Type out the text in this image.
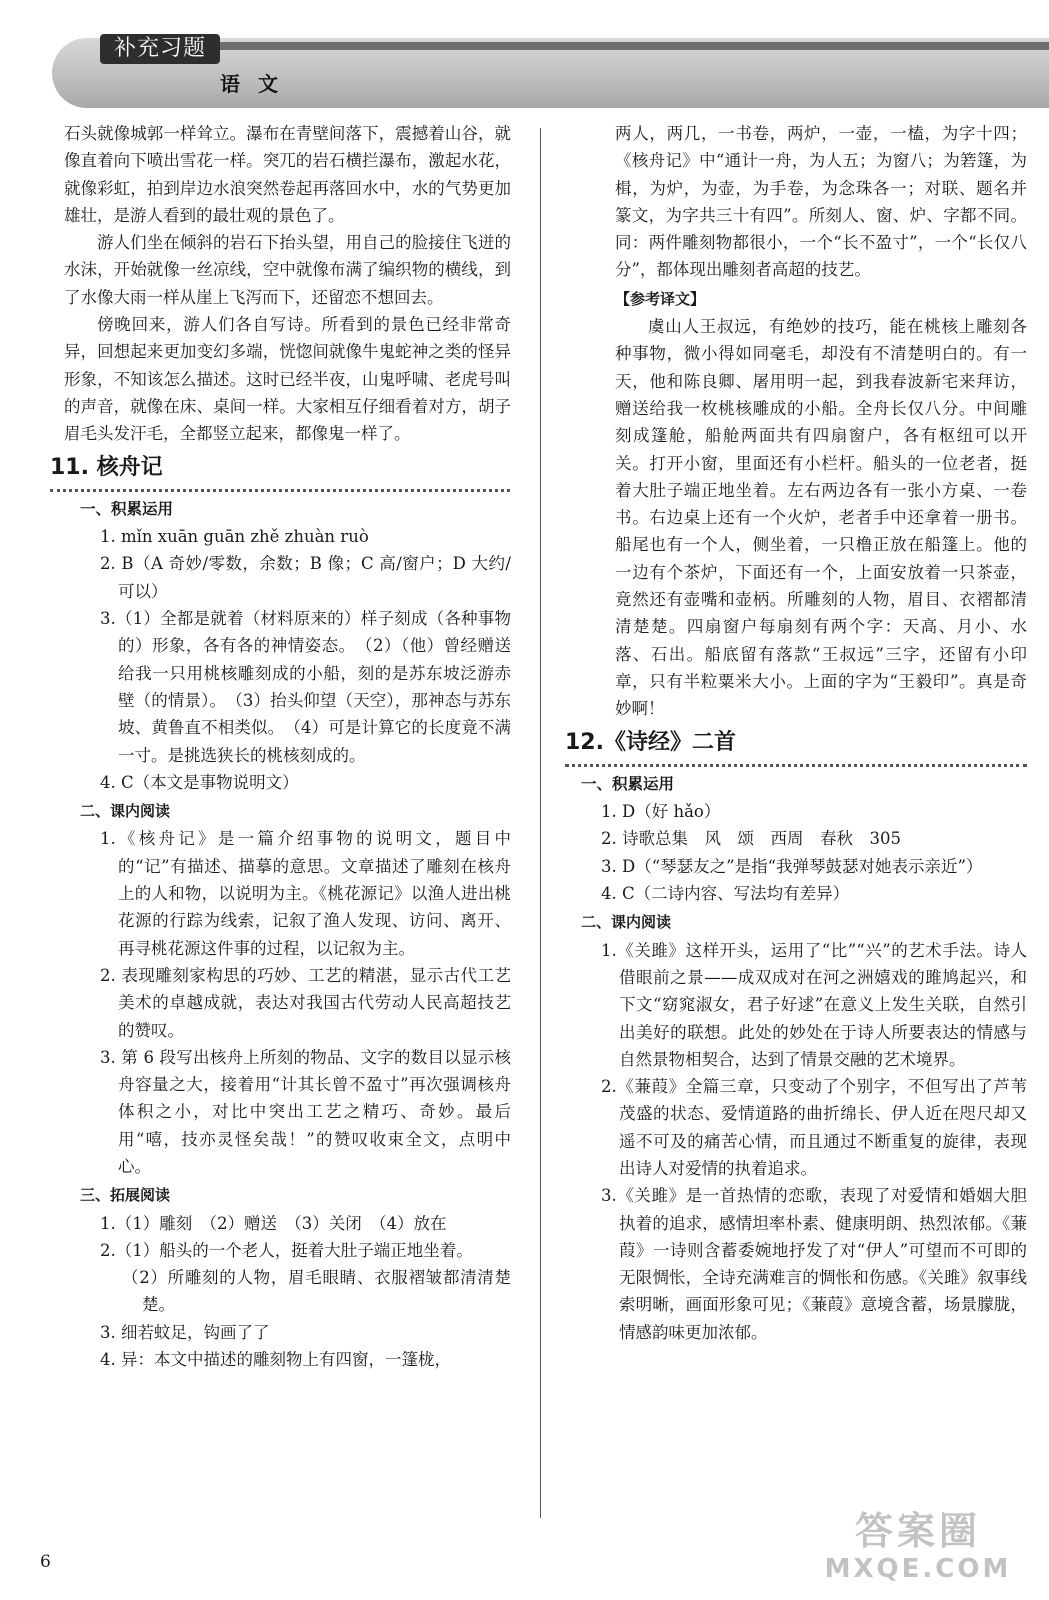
补充习题
语文

石头就像城郭一样耸立。瀑布在青壁间落下，震撼着山谷，就像直着向下喷出雪花一样。突兀的岩石横拦瀑布，激起水花，就像彩虹，拍到岸边水浪突然卷起再落回水中，水的气势更加雄壮，是游人看到的最壮观的景色了。

游人们坐在倾斜的岩石下抬头望，用自己的脸接住飞迸的水沫，开始就像一丝凉线，空中就像布满了编织物的横线，到了水像大雨一样从崖上飞泻而下，还留恋不想回去。

傍晚回来，游人们各自写诗。所看到的景色已经非常奇异，回想起来更加变幻多端，恍惚间就像牛鬼蛇神之类的怪异形象，不知该怎么描述。这时已经半夜，山鬼呼啸、老虎号叫的声音，就像在床、桌间一样。大家相互仔细看着对方，胡子眉毛头发汗毛，全都竖立起来，都像鬼一样了。

11. 核舟记
一、积累运用

1. mǐn xuān guān zhě zhuàn ruò

2. B（A 奇妙/零数，余数；B 像；C 高/窗户；D 大约/可以）

3.（1）全都是就着（材料原来的）样子刻成（各种事物的）形象，各有各的神情姿态。　（2）（他）曾经赠送给我一只用桃核雕刻成的小船，刻的是苏东坡泛游赤壁（的情景）。　（3）抬头仰望（天空），那神态与苏东坡、黄鲁直不相类似。　（4）可是计算它的长度竟不满一寸。是挑选狭长的桃核刻成的。

4. C（本文是事物说明文）

二、课内阅读

1.《核舟记》是一篇介绍事物的说明文，题目中的“记”有描述、描摹的意思。文章描述了雕刻在核舟上的人和物，以说明为主。《桃花源记》以渔人进出桃花源的行踪为线索，记叙了渔人发现、访问、离开、再寻桃花源这件事的过程，以记叙为主。

2. 表现雕刻家构思的巧妙、工艺的精湛，显示古代工艺美术的卓越成就，表达对我国古代劳动人民高超技艺的赞叹。

3. 第 6 段写出核舟上所刻的物品、文字的数目以显示核舟容量之大，接着用“计其长曾不盈寸”再次强调核舟体积之小，对比中突出工艺之精巧、奇妙。最后用“嘻，技亦灵怪矣哉！”的赞叹收束全文，点明中心。

三、拓展阅读

1.（1）雕刻　（2）赠送　（3）关闭　（4）放在

2.（1）船头的一个老人，挺着大肚子端正地坐着。

（2）所雕刻的人物，眉毛眼睛、衣服褶皱都清清楚楚。

3. 细若蚊足，钩画了了

4. 异：本文中描述的雕刻物上有四窗，一篷栊，

两人，两几，一书卷，两炉，一壶，一榼，为字十四；《核舟记》中“通计一舟，为人五；为窗八；为箬篷，为楫，为炉，为壶，为手卷，为念珠各一；对联、题名并篆文，为字共三十有四”。所刻人、窗、炉、字都不同。同：两件雕刻物都很小，一个“长不盈寸”，一个“长仅八分”，都体现出雕刻者高超的技艺。

【参考译文】

虞山人王叔远，有绝妙的技巧，能在桃核上雕刻各种事物，微小得如同毫毛，却没有不清楚明白的。有一天，他和陈良卿、屠用明一起，到我春波新宅来拜访，赠送给我一枚桃核雕成的小船。全舟长仅八分。中间雕刻成篷舱，船舱两面共有四扇窗户，各有枢纽可以开关。打开小窗，里面还有小栏杆。船头的一位老者，挺着大肚子端正地坐着。左右两边各有一张小方桌、一卷书。右边桌上还有一个火炉，老者手中还拿着一册书。船尾也有一个人，侧坐着，一只橹正放在船篷上。他的一边有个茶炉，下面还有一个，上面安放着一只茶壶，竟然还有壶嘴和壶柄。所雕刻的人物，眉目、衣褶都清清楚楚。四扇窗户每扇刻有两个字：天高、月小、水落、石出。船底留有落款“王叔远”三字，还留有小印章，只有半粒粟米大小。上面的字为“王毅印”。真是奇妙啊！

12.《诗经》二首
一、积累运用

1. D（好 hǎo）

2. 诗歌总集　风　颂　西周　春秋　305

3. D（“琴瑟友之”是指“我弹琴鼓瑟对她表示亲近”）

4. C（二诗内容、写法均有差异）

二、课内阅读

1.《关雎》这样开头，运用了“比”“兴”的艺术手法。诗人借眼前之景——成双成对在河之洲嬉戏的雎鸠起兴，和下文“窈窕淑女，君子好逑”在意义上发生关联，自然引出美好的联想。此处的妙处在于诗人所要表达的情感与自然景物相契合，达到了情景交融的艺术境界。

2.《蒹葭》全篇三章，只变动了个别字，不但写出了芦苇茂盛的状态、爱情道路的曲折绵长、伊人近在咫尺却又遥不可及的痛苦心情，而且通过不断重复的旋律，表现出诗人对爱情的执着追求。

3.《关雎》是一首热情的恋歌，表现了对爱情和婚姻大胆执着的追求，感情坦率朴素、健康明朗、热烈浓郁。《蒹葭》一诗则含蓄委婉地抒发了对“伊人”可望而不可即的无限惆怅，全诗充满难言的惆怅和伤感。《关雎》叙事线索明晰，画面形象可见；《蒹葭》意境含蓄，场景朦胧，情感韵味更加浓郁。

6
答案圈
MXQE.COM
